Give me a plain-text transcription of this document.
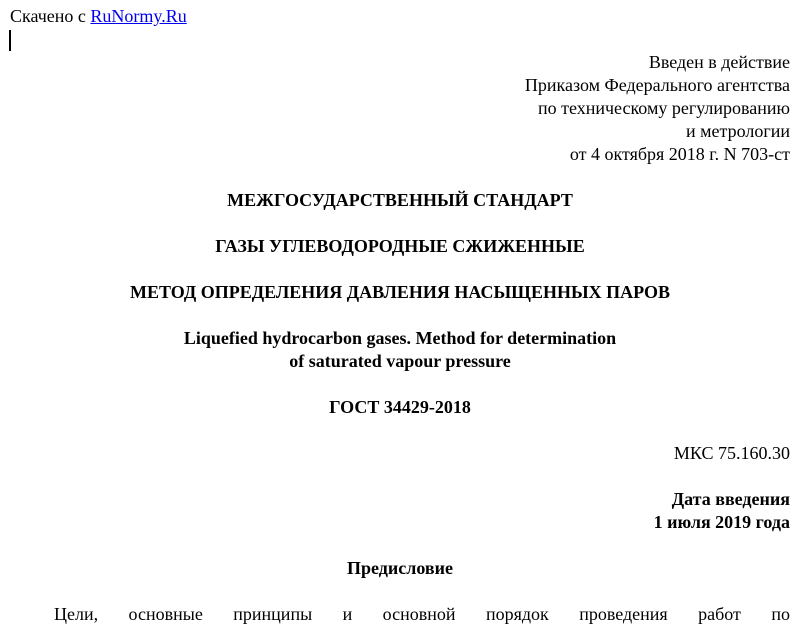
Скачено с RuNormy.Ru
Введен в действие
Приказом Федерального агентства
по техническому регулированию
и метрологии
от 4 октября 2018 г. N 703-ст
МЕЖГОСУДАРСТВЕННЫЙ СТАНДАРТ
ГАЗЫ УГЛЕВОДОРОДНЫЕ СЖИЖЕННЫЕ
МЕТОД ОПРЕДЕЛЕНИЯ ДАВЛЕНИЯ НАСЫЩЕННЫХ ПАРОВ
Liquefied hydrocarbon gases. Method for determination
of saturated vapour pressure
ГОСТ 34429-2018
МКС 75.160.30
Дата введения
1 июля 2019 года
Предисловие
Цели, основные принципы и основной порядок проведения работ по
